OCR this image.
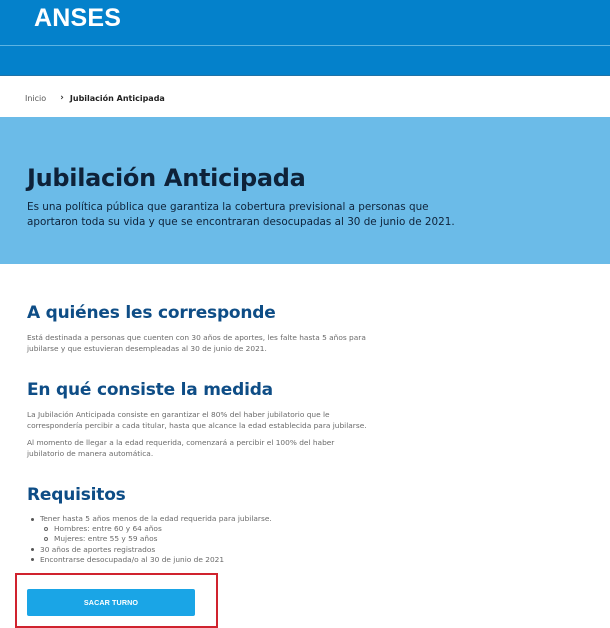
ANSES
Inicio › Jubilación Anticipada
Jubilación Anticipada

Es una política pública que garantiza la cobertura previsional a personas que aportaron toda su vida y que se encontraran desocupadas al 30 de junio de 2021.

A quiénes les corresponde

Está destinada a personas que cuenten con 30 años de aportes, les falte hasta 5 años para jubilarse y que estuvieran desempleadas al 30 de junio de 2021.

En qué consiste la medida

La Jubilación Anticipada consiste en garantizar el 80% del haber jubilatorio que le correspondería percibir a cada titular, hasta que alcance la edad establecida para jubilarse.

Al momento de llegar a la edad requerida, comenzará a percibir el 100% del haber jubilatorio de manera automática.

Requisitos
Tener hasta 5 años menos de la edad requerida para jubilarse.
Hombres: entre 60 y 64 años
Mujeres: entre 55 y 59 años
30 años de aportes registrados
Encontrarse desocupada/o al 30 de junio de 2021
SACAR TURNO
